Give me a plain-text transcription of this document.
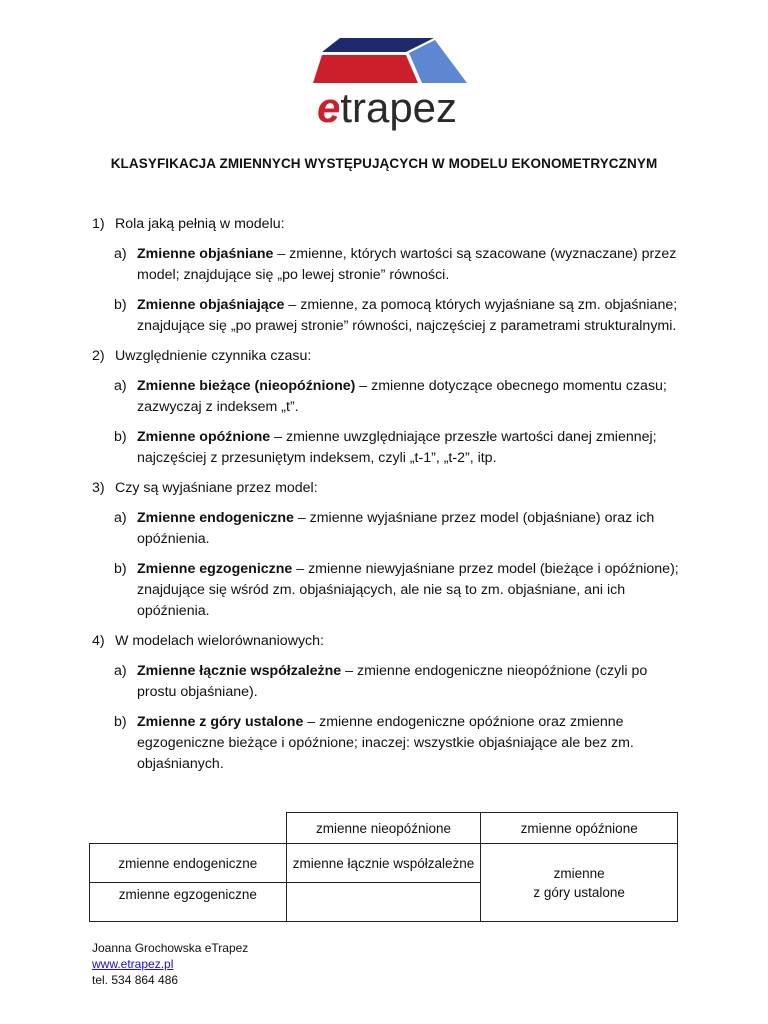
etrapez
KLASYFIKACJA ZMIENNYCH WYSTĘPUJĄCYCH W MODELU EKONOMETRYCZNYM
1) Rola jaką pełnią w modelu:
a) Zmienne objaśniane – zmienne, których wartości są szacowane (wyznaczane) przez model; znajdujące się „po lewej stronie” równości.
b) Zmienne objaśniające – zmienne, za pomocą których wyjaśniane są zm. objaśniane; znajdujące się „po prawej stronie” równości, najczęściej z parametrami strukturalnymi.
2) Uwzględnienie czynnika czasu:
a) Zmienne bieżące (nieopóźnione) – zmienne dotyczące obecnego momentu czasu; zazwyczaj z indeksem „t”.
b) Zmienne opóźnione – zmienne uwzględniające przeszłe wartości danej zmiennej; najczęściej z przesuniętym indeksem, czyli „t-1”, „t-2”, itp.
3) Czy są wyjaśniane przez model:
a) Zmienne endogeniczne – zmienne wyjaśniane przez model (objaśniane) oraz ich opóźnienia.
b) Zmienne egzogeniczne – zmienne niewyjaśniane przez model (bieżące i opóźnione); znajdujące się wśród zm. objaśniających, ale nie są to zm. objaśniane, ani ich opóźnienia.
4) W modelach wielorównaniowych:
a) Zmienne łącznie współzależne – zmienne endogeniczne nieopóźnione (czyli po prostu objaśniane).
b) Zmienne z góry ustalone – zmienne endogeniczne opóźnione oraz zmienne egzogeniczne bieżące i opóźnione; inaczej: wszystkie objaśniające ale bez zm. objaśnianych.
	zmienne nieopóźnione	zmienne opóźnione
zmienne endogeniczne	zmienne łącznie współzależne	zmienne
z góry ustalone
zmienne egzogeniczne		
Joanna Grochowska eTrapez
www.etrapez.pl
tel. 534 864 486
